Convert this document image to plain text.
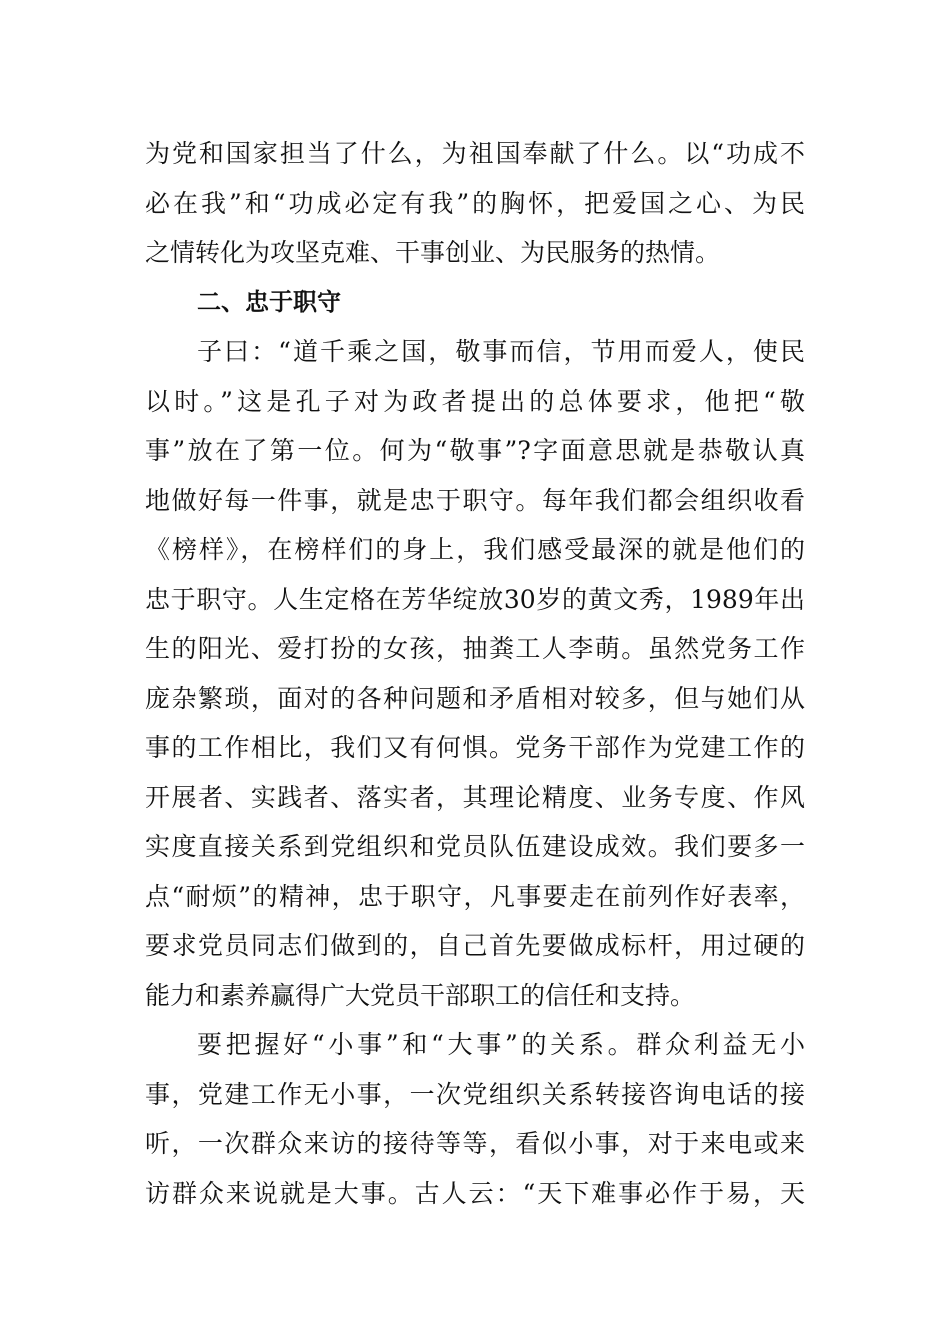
为党和国家担当了什么，为祖国奉献了什么。以“功成不
必在我”和“功成必定有我”的胸怀，把爱国之心、为民
之情转化为攻坚克难、干事创业、为民服务的热情。
二、忠于职守
子曰：“道千乘之国，敬事而信，节用而爱人，使民
以时。”这是孔子对为政者提出的总体要求，他把“敬
事”放在了第一位。何为“敬事”?字面意思就是恭敬认真
地做好每一件事，就是忠于职守。每年我们都会组织收看
《榜样》，在榜样们的身上，我们感受最深的就是他们的
忠于职守。人生定格在芳华绽放30岁的黄文秀，1989年出
生的阳光、爱打扮的女孩，抽粪工人李萌。虽然党务工作
庞杂繁琐，面对的各种问题和矛盾相对较多，但与她们从
事的工作相比，我们又有何惧。党务干部作为党建工作的
开展者、实践者、落实者，其理论精度、业务专度、作风
实度直接关系到党组织和党员队伍建设成效。我们要多一
点“耐烦”的精神，忠于职守，凡事要走在前列作好表率，
要求党员同志们做到的，自己首先要做成标杆，用过硬的
能力和素养赢得广大党员干部职工的信任和支持。
要把握好“小事”和“大事”的关系。群众利益无小
事，党建工作无小事，一次党组织关系转接咨询电话的接
听，一次群众来访的接待等等，看似小事，对于来电或来
访群众来说就是大事。古人云：“天下难事必作于易，天
